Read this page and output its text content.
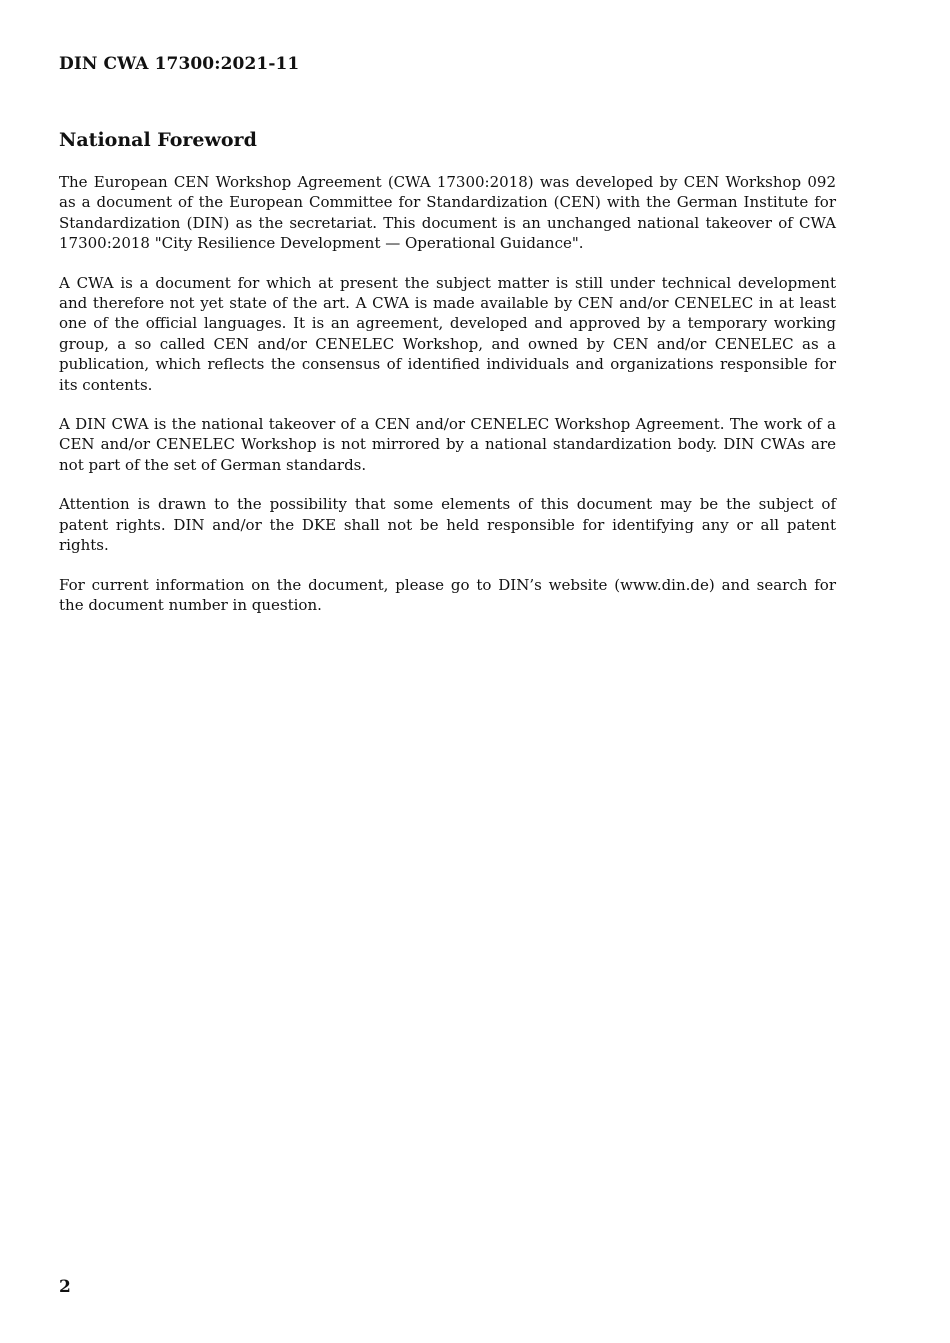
DIN CWA 17300:2021-11
National Foreword

The European CEN Workshop Agreement (CWA 17300:2018) was developed by CEN Workshop 092 as a document of the European Committee for Standardization (CEN) with the German Institute for Standardization (DIN) as the secretariat. This document is an unchanged national takeover of CWA 17300:2018 "City Resilience Development — Operational Guidance".

A CWA is a document for which at present the subject matter is still under technical development and therefore not yet state of the art. A CWA is made available by CEN and/or CENELEC in at least one of the official languages. It is an agreement, developed and approved by a temporary working group, a so called CEN and/or CENELEC Workshop, and owned by CEN and/or CENELEC as a publication, which reflects the consensus of identified individuals and organizations responsible for its contents.

A DIN CWA is the national takeover of a CEN and/or CENELEC Workshop Agreement. The work of a CEN and/or CENELEC Workshop is not mirrored by a national standardization body. DIN CWAs are not part of the set of German standards.

Attention is drawn to the possibility that some elements of this document may be the subject of patent rights. DIN and/or the DKE shall not be held responsible for identifying any or all patent rights.

For current information on the document, please go to DIN’s website (www.din.de) and search for the document number in question.

2
